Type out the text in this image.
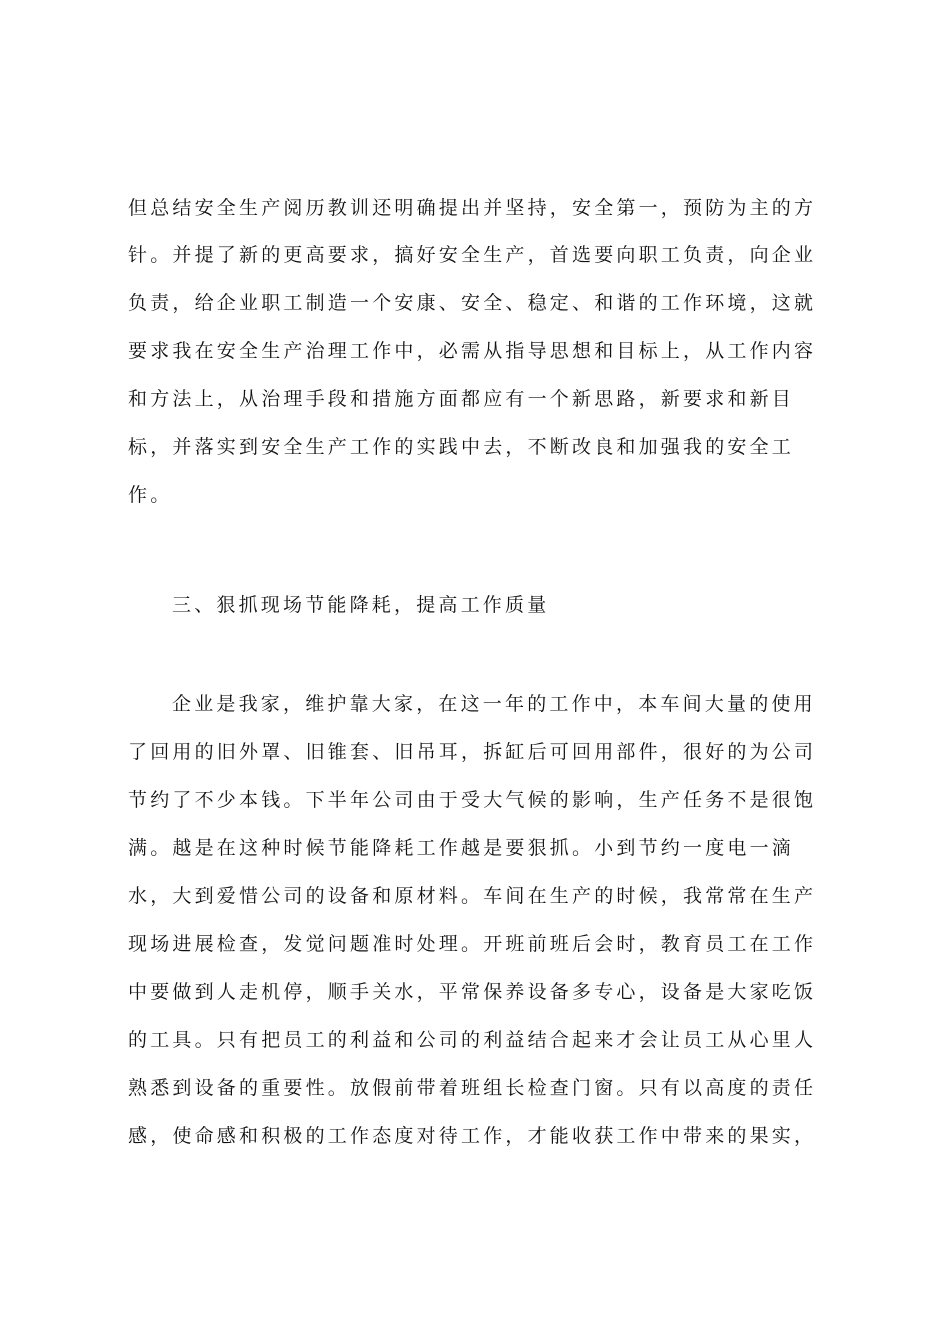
但总结安全生产阅历教训还明确提出并坚持，安全第一，预防为主的方
针。并提了新的更高要求，搞好安全生产，首选要向职工负责，向企业
负责，给企业职工制造一个安康、安全、稳定、和谐的工作环境，这就
要求我在安全生产治理工作中，必需从指导思想和目标上，从工作内容
和方法上，从治理手段和措施方面都应有一个新思路，新要求和新目
标，并落实到安全生产工作的实践中去，不断改良和加强我的安全工
作。
三、狠抓现场节能降耗，提高工作质量
企业是我家，维护靠大家，在这一年的工作中，本车间大量的使用
了回用的旧外罩、旧锥套、旧吊耳，拆缸后可回用部件，很好的为公司
节约了不少本钱。下半年公司由于受大气候的影响，生产任务不是很饱
满。越是在这种时候节能降耗工作越是要狠抓。小到节约一度电一滴
水，大到爱惜公司的设备和原材料。车间在生产的时候，我常常在生产
现场进展检查，发觉问题准时处理。开班前班后会时，教育员工在工作
中要做到人走机停，顺手关水，平常保养设备多专心，设备是大家吃饭
的工具。只有把员工的利益和公司的利益结合起来才会让员工从心里人
熟悉到设备的重要性。放假前带着班组长检查门窗。只有以高度的责任
感，使命感和积极的工作态度对待工作，才能收获工作中带来的果实，
